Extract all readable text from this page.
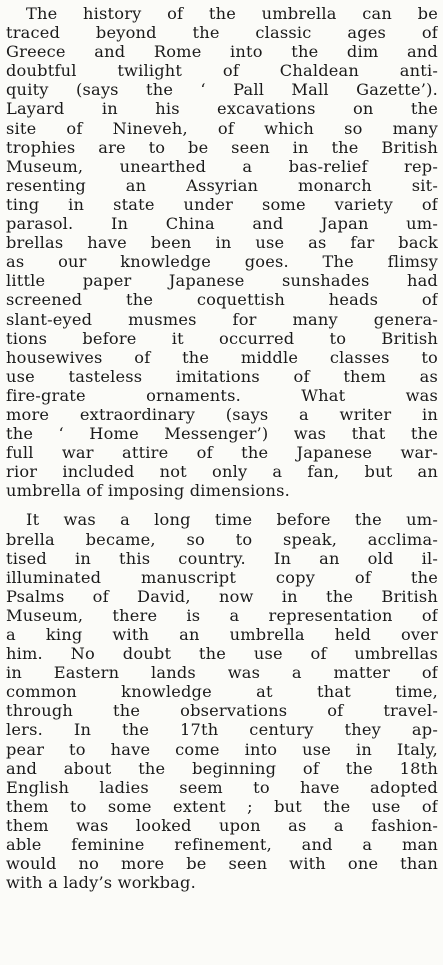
The history of the umbrella can be
traced beyond the classic ages of
Greece and Rome into the dim and
doubtful twilight of Chaldean anti-
quity (says the ‘ Pall Mall Gazette’).
Layard in his excavations on the
site of Nineveh, of which so many
trophies are to be seen in the British
Museum, unearthed a bas-relief rep-
resenting an Assyrian monarch sit-
ting in state under some variety of
parasol. In China and Japan um-
brellas have been in use as far back
as our knowledge goes. The flimsy
little paper Japanese sunshades had
screened the coquettish heads of
slant-eyed musmes for many genera-
tions before it occurred to British
housewives of the middle classes to
use tasteless imitations of them as
fire-grate ornaments. What was
more extraordinary (says a writer in
the ‘ Home Messenger’) was that the
full war attire of the Japanese war-
rior included not only a fan, but an
umbrella of imposing dimensions.
It was a long time before the um-
brella became, so to speak, acclima-
tised in this country. In an old il-
illuminated manuscript copy of the
Psalms of David, now in the British
Museum, there is a representation of
a king with an umbrella held over
him. No doubt the use of umbrellas
in Eastern lands was a matter of
common knowledge at that time,
through the observations of travel-
lers. In the 17th century they ap-
pear to have come into use in Italy,
and about the beginning of the 18th
English ladies seem to have adopted
them to some extent ; but the use of
them was looked upon as a fashion-
able feminine refinement, and a man
would no more be seen with one than
with a lady’s workbag.
